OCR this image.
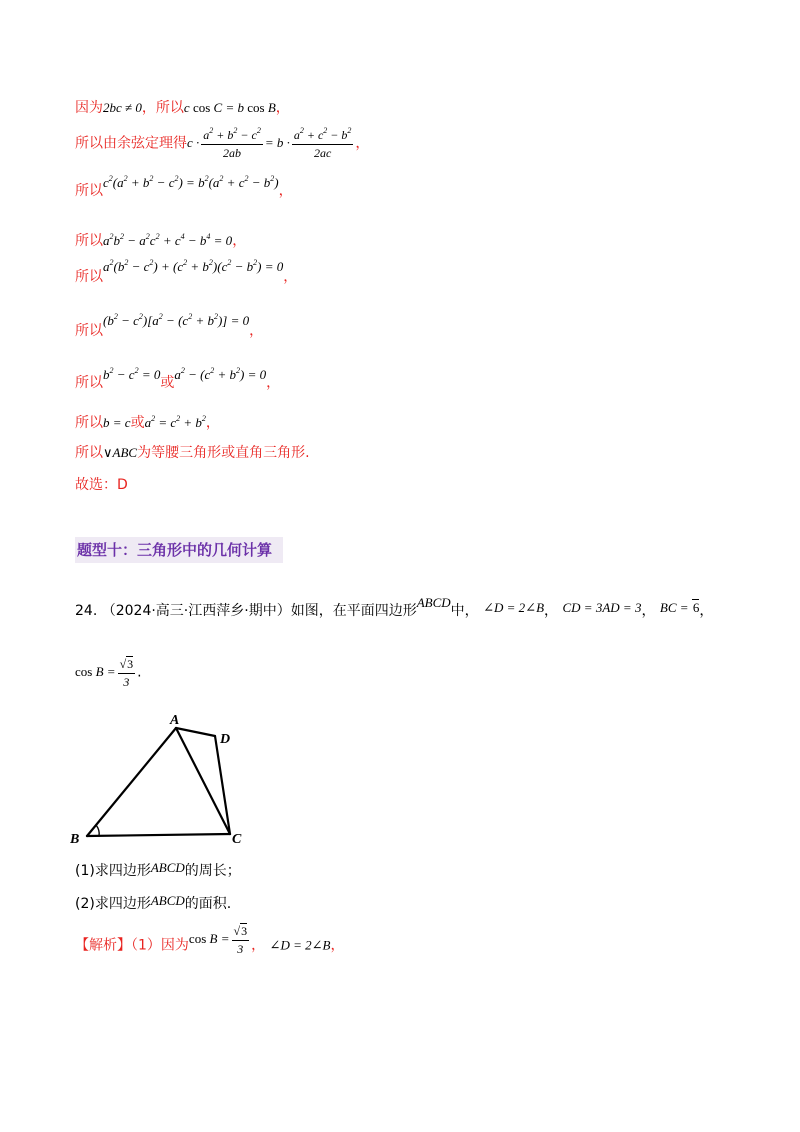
因为2bc ≠ 0，所以c cos C = b cos B，
所以由余弦定理得$c \cdot \frac{a^2 + b^2 - c^2}{2ab} = b \cdot \frac{a^2 + c^2 - b^2}{2ac}$ ，
所以$c^2(a^2 + b^2 - c^2) = b^2(a^2 + c^2 - b^2)$，
所以$a^2b^2 - a^2c^2 + c^4 - b^4 = 0$，
所以$a^2(b^2 - c^2) + (c^2 + b^2)(c^2 - b^2) = 0$，
所以$(b^2 - c^2)[a^2 - (c^2 + b^2)] = 0$，
所以$b^2 - c^2 = 0$或$a^2 - (c^2 + b^2) = 0$，
所以b = c或$a^2 = c^2 + b^2$，
所以∨ABC为等腰三角形或直角三角形.
故选：D
题型十：三角形中的几何计算
24. （2024·高三·江西萍乡·期中）如图，在平面四边形ABCD中， ∠D = 2∠B， CD = 3AD = 3， BC = 6，
$\cos B = \frac{√3}{3}$ .
A
B	C
D
(1)求四边形ABCD的周长；
(2)求四边形ABCD的面积.
【解析】（1）因为$\cos B = \frac{√3}{3}$ ， ∠D = 2∠B，
